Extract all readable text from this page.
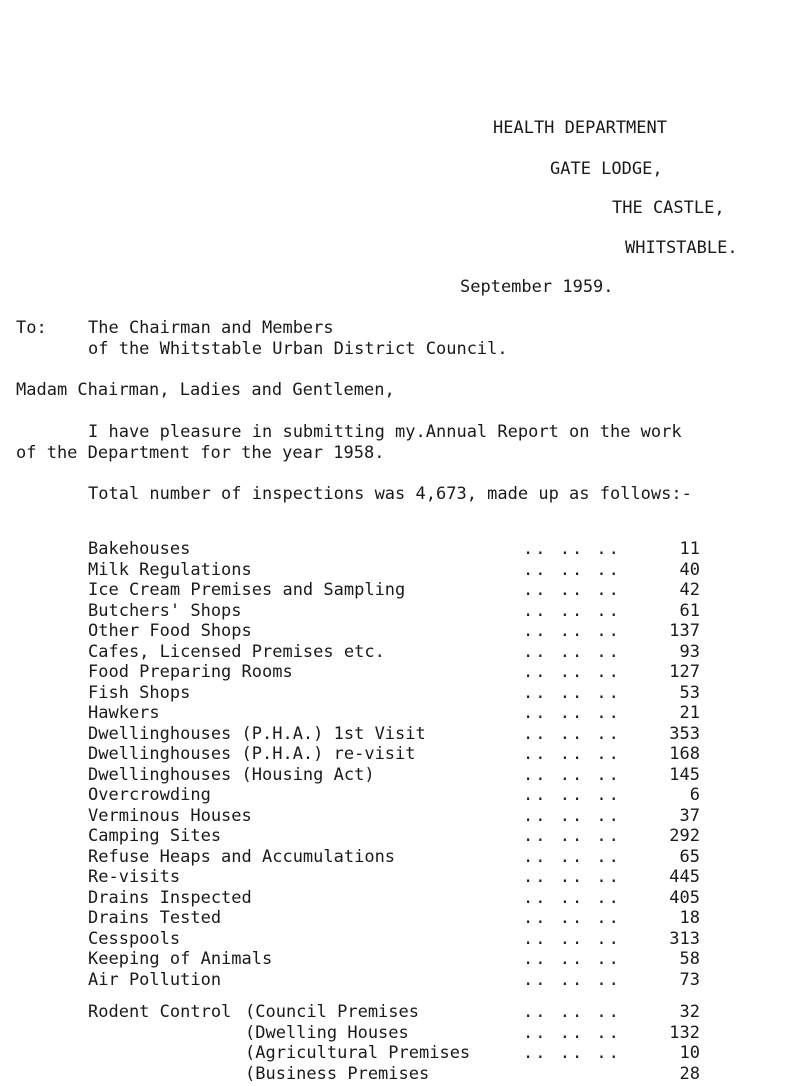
HEALTH DEPARTMENT
GATE LODGE,
THE CASTLE,
WHITSTABLE.
September 1959.
To: The Chairman and Members
of the Whitstable Urban District Council.
Madam Chairman, Ladies and Gentlemen,
I have pleasure in submitting my.Annual Report on the work
of the Department for the year 1958.
Total number of inspections was 4,673, made up as follows:-
Bakehouses	.. .. ..	11
Milk Regulations	.. .. ..	40
Ice Cream Premises and Sampling	.. .. ..	42
Butchers' Shops	.. .. ..	61
Other Food Shops	.. .. ..	137
Cafes, Licensed Premises etc.	.. .. ..	93
Food Preparing Rooms	.. .. ..	127
Fish Shops	.. .. ..	53
Hawkers	.. .. ..	21
Dwellinghouses (P.H.A.) 1st Visit	.. .. ..	353
Dwellinghouses (P.H.A.) re-visit	.. .. ..	168
Dwellinghouses (Housing Act)	.. .. ..	145
Overcrowding	.. .. ..	6
Verminous Houses	.. .. ..	37
Camping Sites	.. .. ..	292
Refuse Heaps and Accumulations	.. .. ..	65
Re-visits	.. .. ..	445
Drains Inspected	.. .. ..	405
Drains Tested	.. .. ..	18
Cesspools	.. .. ..	313
Keeping of Animals	.. .. ..	58
Air Pollution	.. .. ..	73
Rodent Control (Council Premises	.. .. ..	32
(Dwelling Houses	.. .. ..	132
(Agricultural Premises	.. .. ..	10
(Business Premises	28
